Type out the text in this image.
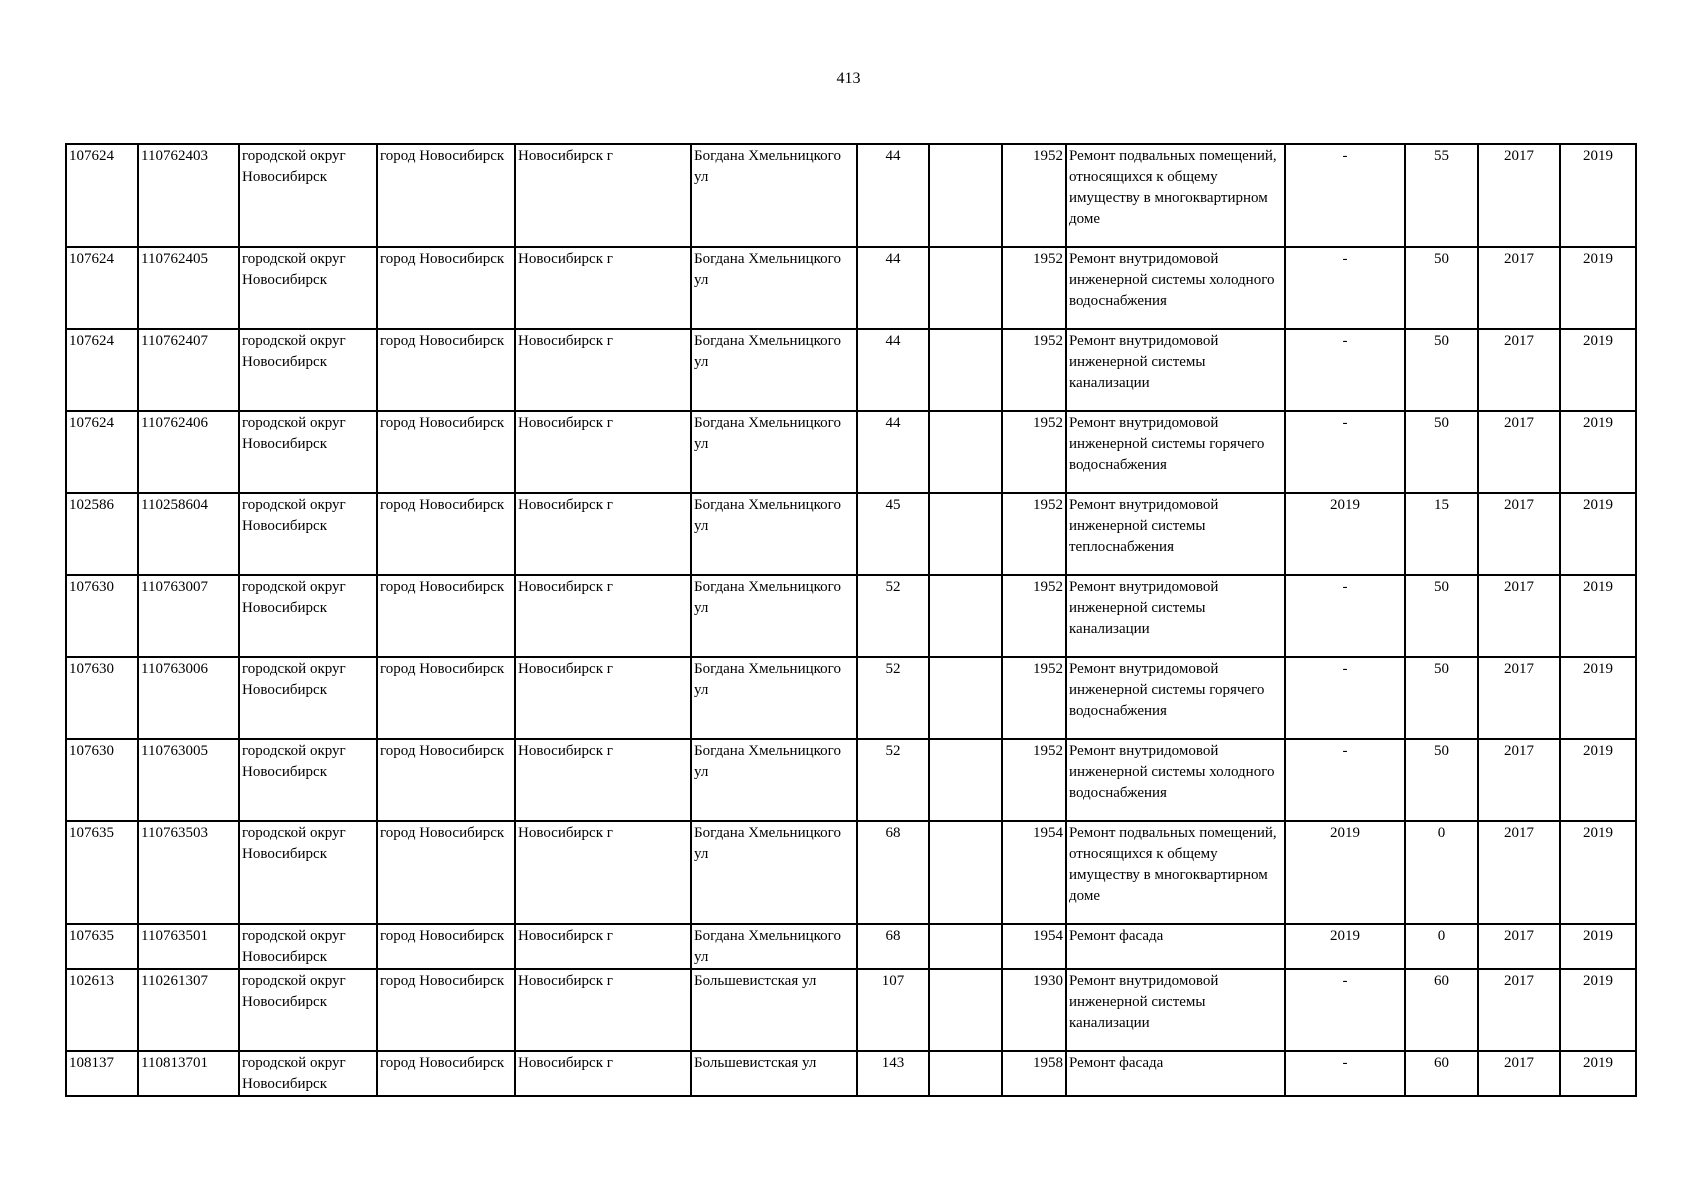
413
107624	110762403	городской округ Новосибирск	город Новосибирск	Новосибирск г	Богдана Хмельницкого ул	44		1952	Ремонт подвальных помещений, относящихся к общему имуществу в многоквартирном доме	-	55	2017	2019
107624	110762405	городской округ Новосибирск	город Новосибирск	Новосибирск г	Богдана Хмельницкого ул	44		1952	Ремонт внутридомовой инженерной системы холодного водоснабжения	-	50	2017	2019
107624	110762407	городской округ Новосибирск	город Новосибирск	Новосибирск г	Богдана Хмельницкого ул	44		1952	Ремонт внутридомовой инженерной системы канализации	-	50	2017	2019
107624	110762406	городской округ Новосибирск	город Новосибирск	Новосибирск г	Богдана Хмельницкого ул	44		1952	Ремонт внутридомовой инженерной системы горячего водоснабжения	-	50	2017	2019
102586	110258604	городской округ Новосибирск	город Новосибирск	Новосибирск г	Богдана Хмельницкого ул	45		1952	Ремонт внутридомовой инженерной системы теплоснабжения	2019	15	2017	2019
107630	110763007	городской округ Новосибирск	город Новосибирск	Новосибирск г	Богдана Хмельницкого ул	52		1952	Ремонт внутридомовой инженерной системы канализации	-	50	2017	2019
107630	110763006	городской округ Новосибирск	город Новосибирск	Новосибирск г	Богдана Хмельницкого ул	52		1952	Ремонт внутридомовой инженерной системы горячего водоснабжения	-	50	2017	2019
107630	110763005	городской округ Новосибирск	город Новосибирск	Новосибирск г	Богдана Хмельницкого ул	52		1952	Ремонт внутридомовой инженерной системы холодного водоснабжения	-	50	2017	2019
107635	110763503	городской округ Новосибирск	город Новосибирск	Новосибирск г	Богдана Хмельницкого ул	68		1954	Ремонт подвальных помещений, относящихся к общему имуществу в многоквартирном доме	2019	0	2017	2019
107635	110763501	городской округ Новосибирск	город Новосибирск	Новосибирск г	Богдана Хмельницкого ул	68		1954	Ремонт фасада	2019	0	2017	2019
102613	110261307	городской округ Новосибирск	город Новосибирск	Новосибирск г	Большевистская ул	107		1930	Ремонт внутридомовой инженерной системы канализации	-	60	2017	2019
108137	110813701	городской округ Новосибирск	город Новосибирск	Новосибирск г	Большевистская ул	143		1958	Ремонт фасада	-	60	2017	2019
